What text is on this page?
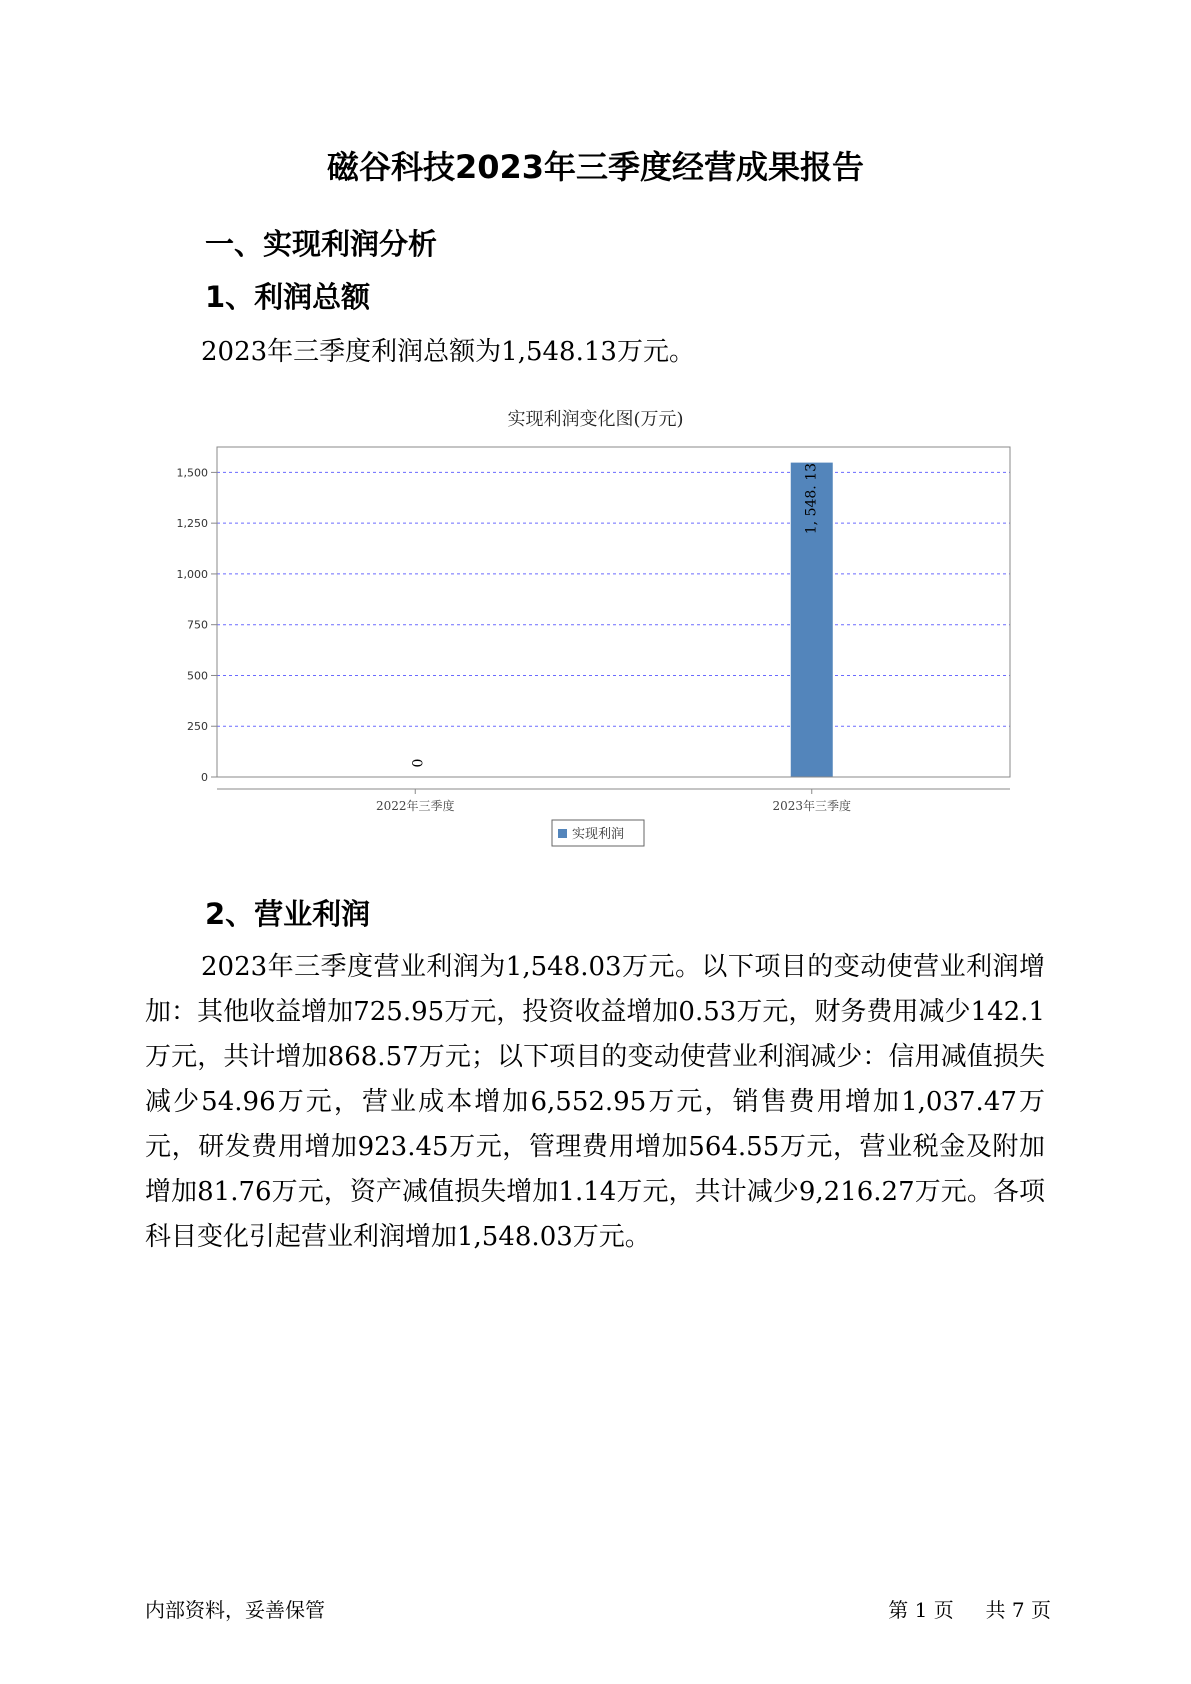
磁谷科技2023年三季度经营成果报告
一、实现利润分析
1、利润总额

2023年三季度利润总额为1,548.13万元。

实现利润变化图(万元)
0
1, 548. 13
0
250
500
750
1,000
1,250
1,500
2022年三季度	2023年三季度
实现利润
2、营业利润

2023年三季度营业利润为1,548.03万元。以下项目的变动使营业利润增加：其他收益增加725.95万元，投资收益增加0.53万元，财务费用减少142.1万元，共计增加868.57万元；以下项目的变动使营业利润减少：信用减值损失减少54.96万元，营业成本增加6,552.95万元，销售费用增加1,037.47万元，研发费用增加923.45万元，管理费用增加564.55万元，营业税金及附加增加81.76万元，资产减值损失增加1.14万元，共计减少9,216.27万元。各项科目变化引起营业利润增加1,548.03万元。

内部资料，妥善保管	第 1 页 共 7 页
